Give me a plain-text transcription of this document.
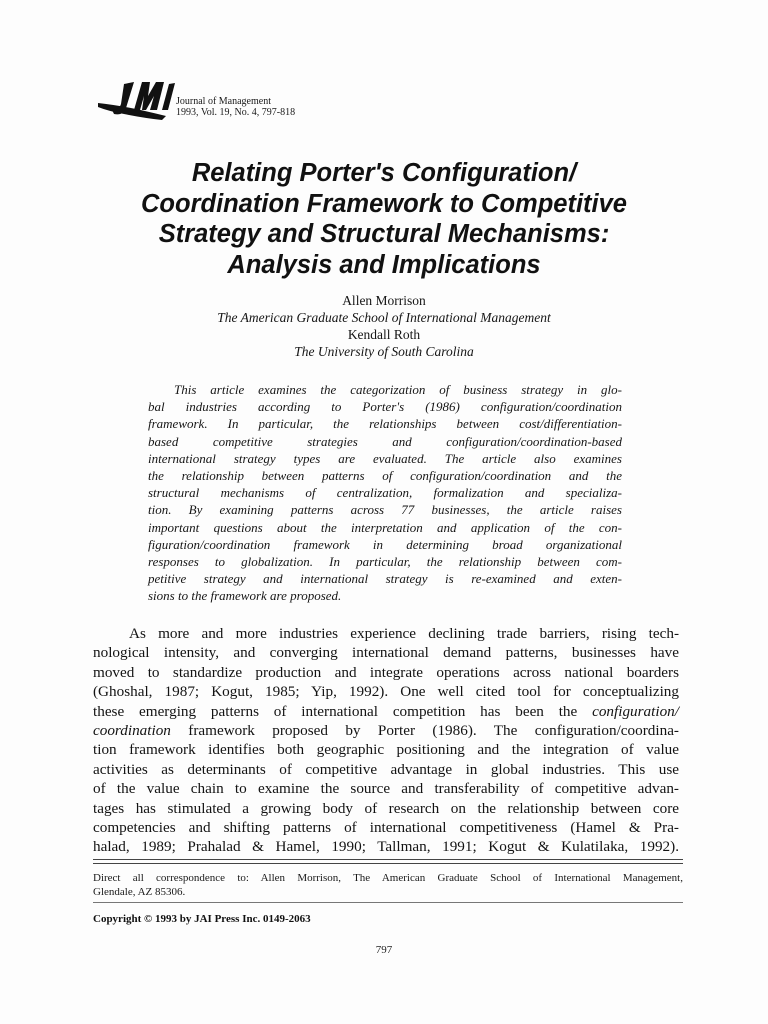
Journal of Management
1993, Vol. 19, No. 4, 797-818
Relating Porter's Configuration/
Coordination Framework to Competitive
Strategy and Structural Mechanisms:
Analysis and Implications
Allen Morrison
The American Graduate School of International Management
Kendall Roth
The University of South Carolina
This article examines the categorization of business strategy in glo-
bal industries according to Porter's (1986) configuration/coordination
framework. In particular, the relationships between cost/differentiation-
based competitive strategies and configuration/coordination-based
international strategy types are evaluated. The article also examines
the relationship between patterns of configuration/coordination and the
structural mechanisms of centralization, formalization and specializa-
tion. By examining patterns across 77 businesses, the article raises
important questions about the interpretation and application of the con-
figuration/coordination framework in determining broad organizational
responses to globalization. In particular, the relationship between com-
petitive strategy and international strategy is re-examined and exten-
sions to the framework are proposed.
As more and more industries experience declining trade barriers, rising tech-
nological intensity, and converging international demand patterns, businesses have
moved to standardize production and integrate operations across national boarders
(Ghoshal, 1987; Kogut, 1985; Yip, 1992). One well cited tool for conceptualizing
these emerging patterns of international competition has been the configuration/
coordination framework proposed by Porter (1986). The configuration/coordina-
tion framework identifies both geographic positioning and the integration of value
activities as determinants of competitive advantage in global industries. This use
of the value chain to examine the source and transferability of competitive advan-
tages has stimulated a growing body of research on the relationship between core
competencies and shifting patterns of international competitiveness (Hamel & Pra-
halad, 1989; Prahalad & Hamel, 1990; Tallman, 1991; Kogut & Kulatilaka, 1992).
Direct all correspondence to: Allen Morrison, The American Graduate School of International Management,
Glendale, AZ 85306.
Copyright © 1993 by JAI Press Inc. 0149-2063
797
